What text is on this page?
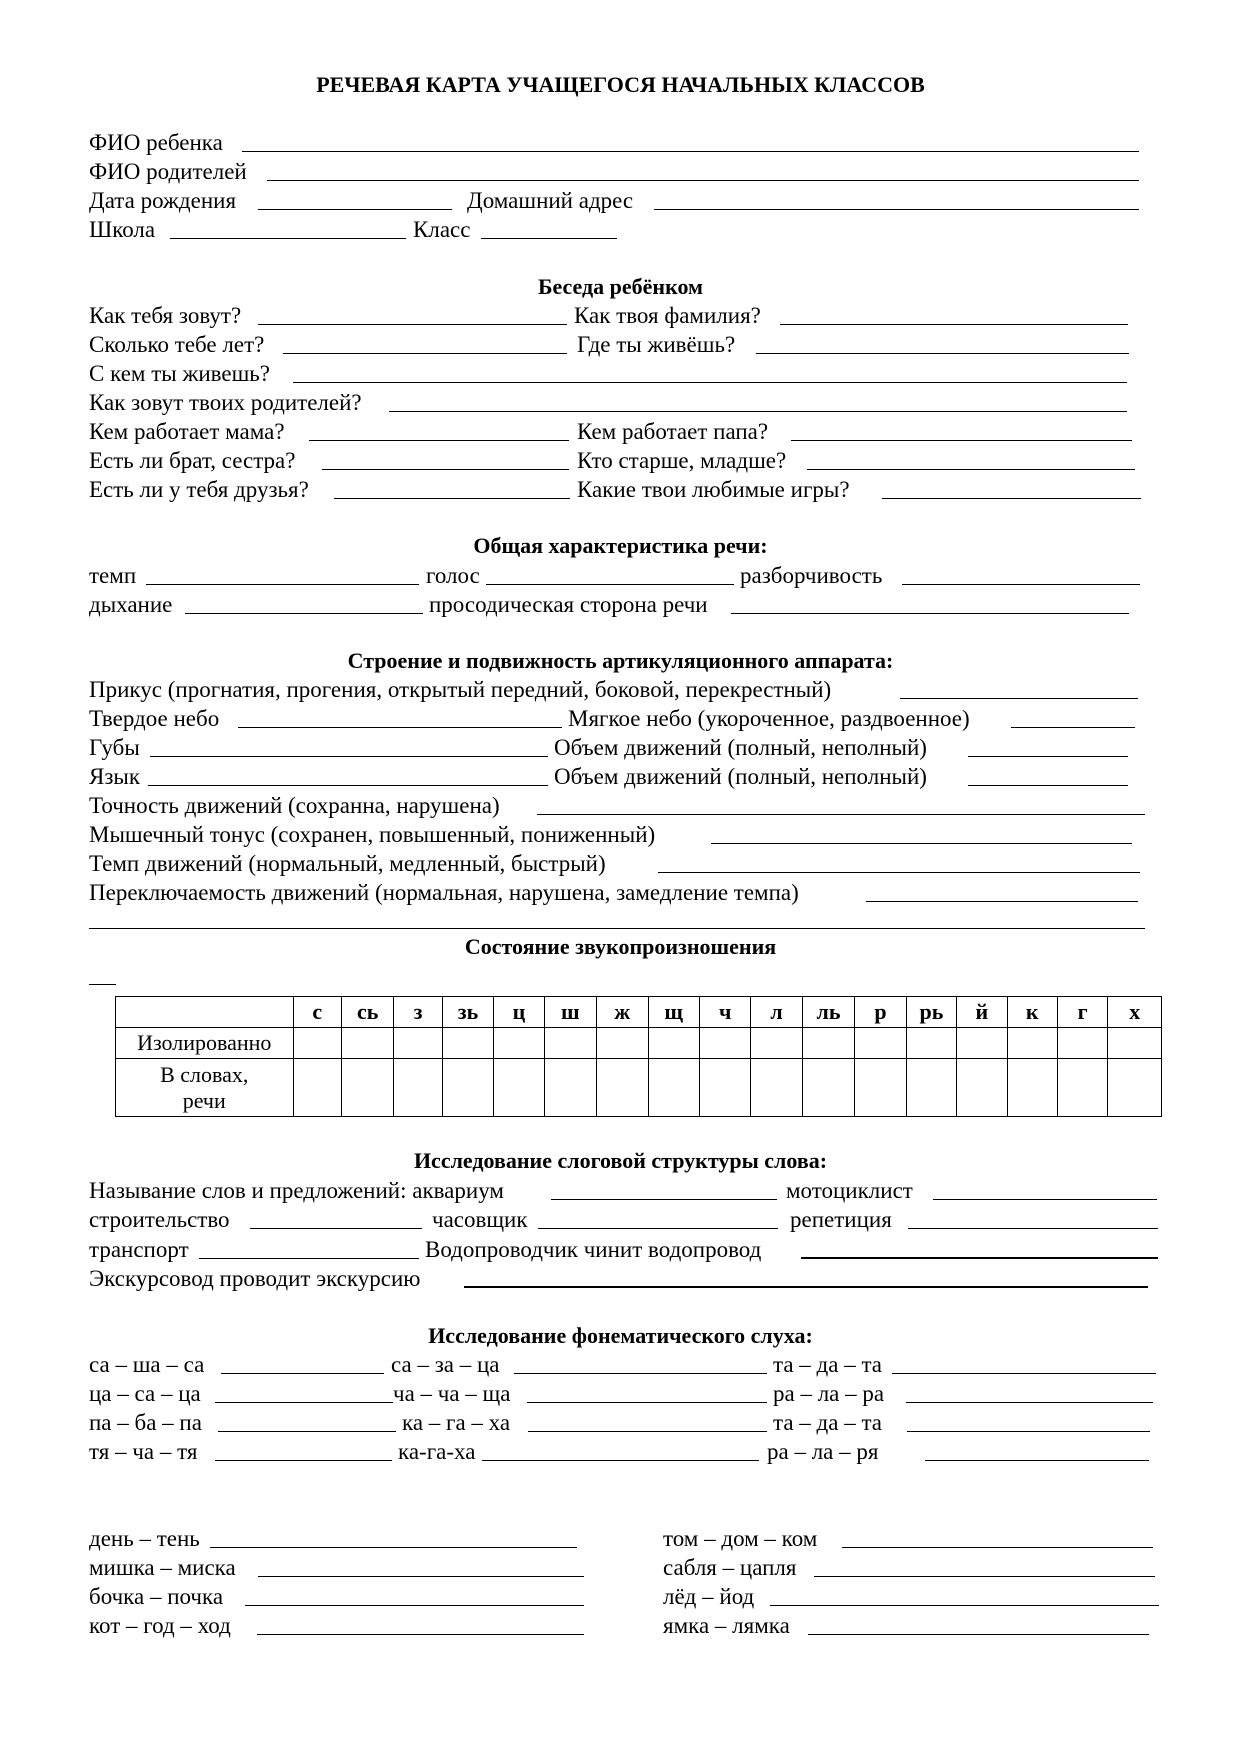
РЕЧЕВАЯ КАРТА УЧАЩЕГОСЯ НАЧАЛЬНЫХ КЛАССОВ
ФИО ребенка
ФИО родителей
Дата рождения	Домашний адрес
Школа	Класс
Беседа ребёнком
Как тебя зовут?	Как твоя фамилия?
Сколько тебе лет?	Где ты живёшь?
С кем ты живешь?
Как зовут твоих родителей?
Кем работает мама?	Кем работает папа?
Есть ли брат, сестра?	Кто старше, младше?
Есть ли у тебя друзья?	Какие твои любимые игры?
Общая характеристика речи:
темп	голос	разборчивость
дыхание	просодическая сторона речи
Строение и подвижность артикуляционного аппарата:
Прикус (прогнатия, прогения, открытый передний, боковой, перекрестный)
Твердое небо	Мягкое небо (укороченное, раздвоенное)
Губы	Объем движений (полный, неполный)
Язык	Объем движений (полный, неполный)
Точность движений (сохранна, нарушена)
Мышечный тонус (сохранен, повышенный, пониженный)
Темп движений (нормальный, медленный, быстрый)
Переключаемость движений (нормальная, нарушена, замедление темпа)
Состояние звукопроизношения
	с	сь	з	зь	ц	ш	ж	щ	ч	л	ль	р	рь	й	к	г	х
Изолированно																	
В словах, речи																	
Исследование слоговой структуры слова:
Называние слов и предложений: аквариум	мотоциклист
строительство	часовщик	репетиция
транспорт	Водопроводчик чинит водопровод
Экскурсовод проводит экскурсию
Исследование фонематического слуха:
са – ша – са	са – за – ца	та – да – та
ца – са – ца	ча – ча – ща	ра – ла – ра
па – ба – па	ка – га – ха	та – да – та
тя – ча – тя	ка-га-ха	ра – ла – ря
день – тень	том – дом – ком
мишка – миска	сабля – цапля
бочка – почка	лёд – йод
кот – год – ход	ямка – лямка
